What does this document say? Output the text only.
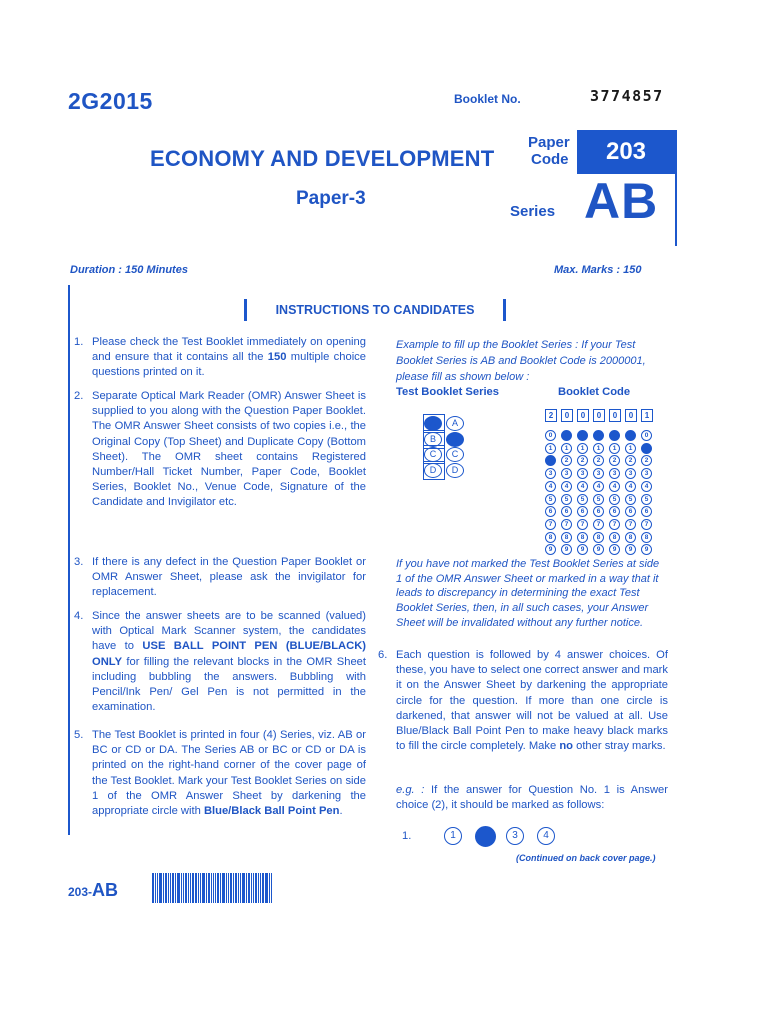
2G2015	Booklet No.	3774857
ECONOMY AND DEVELOPMENT
Paper
Code	203
Paper-3
Series AB
Duration : 150 Minutes	Max. Marks : 150
INSTRUCTIONS TO CANDIDATES
1. Please check the Test Booklet immediately on opening and ensure that it contains all the 150 multiple choice questions printed on it.
2. Separate Optical Mark Reader (OMR) Answer Sheet is supplied to you along with the Question Paper Booklet. The OMR Answer Sheet consists of two copies i.e., the Original Copy (Top Sheet) and Duplicate Copy (Bottom Sheet). The OMR sheet contains Registered Number/Hall Ticket Number, Paper Code, Booklet Series, Booklet No., Venue Code, Signature of the Candidate and Invigilator etc.
3. If there is any defect in the Question Paper Booklet or OMR Answer Sheet, please ask the invigilator for replacement.
4. Since the answer sheets are to be scanned (valued) with Optical Mark Scanner system, the candidates have to USE BALL POINT PEN (BLUE/BLACK) ONLY for filling the relevant blocks in the OMR Sheet including bubbling the answers. Bubbling with Pencil/Ink Pen/ Gel Pen is not permitted in the examination.
5. The Test Booklet is printed in four (4) Series, viz. AB or BC or CD or DA. The Series AB or BC or CD or DA is printed on the right-hand corner of the cover page of the Test Booklet. Mark your Test Booklet Series on side 1 of the OMR Answer Sheet by darkening the appropriate circle with Blue/Black Ball Point Pen.
Example to fill up the Booklet Series : If your Test Booklet Series is AB and Booklet Code is 2000001, please fill as shown below :
Test Booklet Series	Booklet Code
A	A
B	B
C	C
D	D
2
0
1
2
3
4
5
6
7
8
9
0
0
1
2
3
4
5
6
7
8
9
0
0
1
2
3
4
5
6
7
8
9
0
0
1
2
3
4
5
6
7
8
9
0
0
1
2
3
4
5
6
7
8
9
0
0
1
2
3
4
5
6
7
8
9
1
0
1
2
3
4
5
6
7
8
9
If you have not marked the Test Booklet Series at side 1 of the OMR Answer Sheet or marked in a way that it leads to discrepancy in determining the exact Test Booklet Series, then, in all such cases, your Answer Sheet will be invalidated without any further notice.
6. Each question is followed by 4 answer choices. Of these, you have to select one correct answer and mark it on the Answer Sheet by darkening the appropriate circle for the question. If more than one circle is darkened, that answer will not be valued at all. Use Blue/Black Ball Point Pen to make heavy black marks to fill the circle completely. Make no other stray marks.
e.g. : If the answer for Question No. 1 is Answer choice (2), it should be marked as follows:
1.	1	3	4
(Continued on back cover page.)
203-AB
